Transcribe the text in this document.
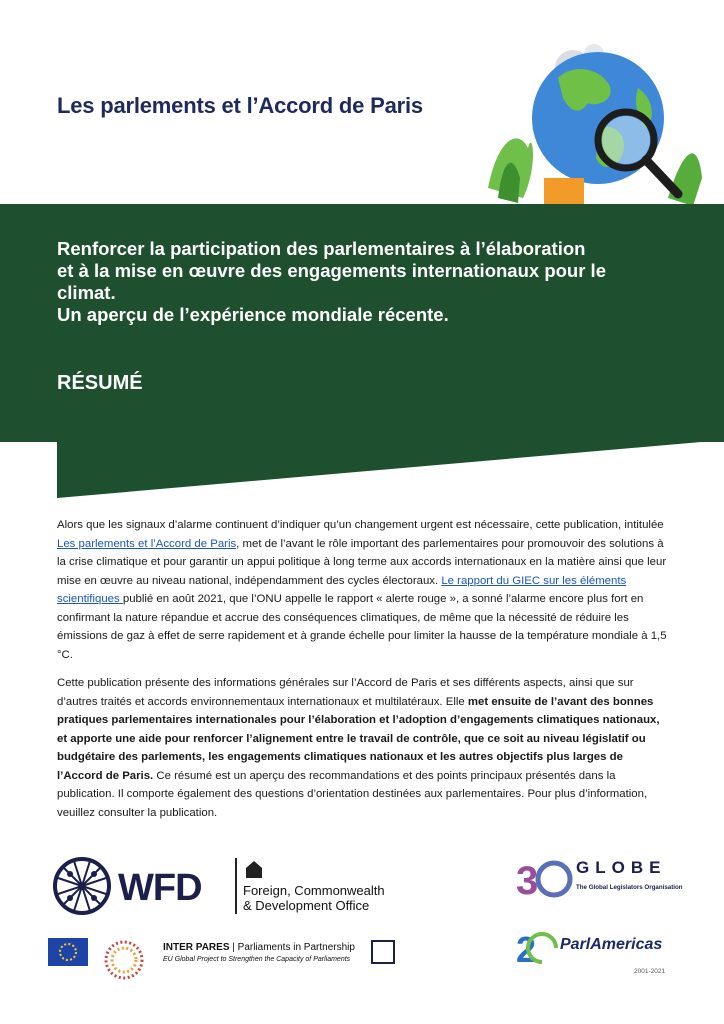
Les parlements et l’Accord de Paris

Renforcer la participation des parlementaires à l’élaboration

et à la mise en œuvre des engagements internationaux pour le

climat.

Un aperçu de l’expérience mondiale récente.

RÉSUMÉ

Alors que les signaux d’alarme continuent d’indiquer qu’un changement urgent est nécessaire, cette publication, intitulée Les parlements et l’Accord de Paris, met de l’avant le rôle important des parlementaires pour promouvoir des solutions à la crise climatique et pour garantir un appui politique à long terme aux accords internationaux en la matière ainsi que leur mise en œuvre au niveau national, indépendamment des cycles électoraux. Le rapport du GIEC sur les éléments scientifiques publié en août 2021, que l’ONU appelle le rapport « alerte rouge », a sonné l’alarme encore plus fort en confirmant la nature répandue et accrue des conséquences climatiques, de même que la nécessité de réduire les émissions de gaz à effet de serre rapidement et à grande échelle pour limiter la hausse de la température mondiale à 1,5 °C.

Cette publication présente des informations générales sur l’Accord de Paris et ses différents aspects, ainsi que sur d’autres traités et accords environnementaux internationaux et multilatéraux. Elle met ensuite de l’avant des bonnes pratiques parlementaires internationales pour l’élaboration et l’adoption d’engagements climatiques nationaux, et apporte une aide pour renforcer l’alignement entre le travail de contrôle, que ce soit au niveau législatif ou budgétaire des parlements, les engagements climatiques nationaux et les autres objectifs plus larges de l’Accord de Paris. Ce résumé est un aperçu des recommandations et des points principaux présentés dans la publication. Il comporte également des questions d’orientation destinées aux parlementaires. Pour plus d’information, veuillez consulter la publication.

WFD	Foreign, Commonwealth
& Development Office
3 GLOBE
The Global Legislators Organisation
INTER PARES | Parliaments in Partnership
EU Global Project to Strengthen the Capacity of Parliaments	2 ParlAmericas
2001-2021
